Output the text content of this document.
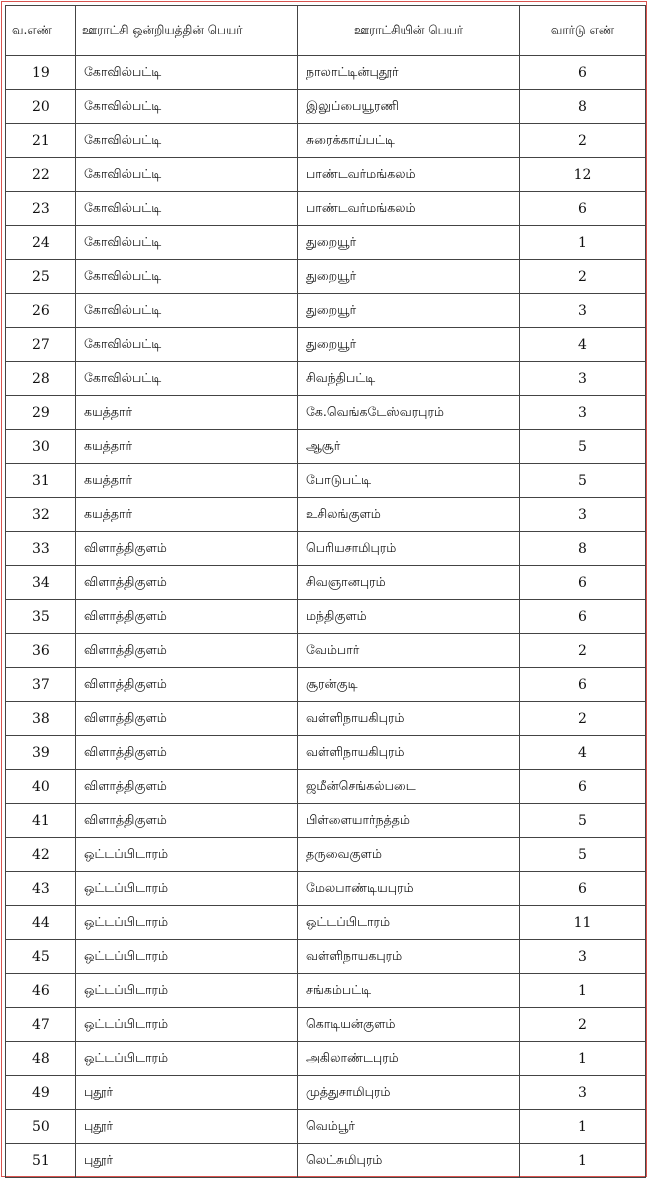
வ.எண்	ஊராட்சி ஒன்றியத்தின் பெயர்	ஊராட்சியின் பெயர்	வார்டு எண்
19	கோவில்பட்டி	நாலாட்டின்புதூர்	6
20	கோவில்பட்டி	இலுப்பையூரணி	8
21	கோவில்பட்டி	சுரைக்காய்பட்டி	2
22	கோவில்பட்டி	பாண்டவர்மங்கலம்	12
23	கோவில்பட்டி	பாண்டவர்மங்கலம்	6
24	கோவில்பட்டி	துறையூர்	1
25	கோவில்பட்டி	துறையூர்	2
26	கோவில்பட்டி	துறையூர்	3
27	கோவில்பட்டி	துறையூர்	4
28	கோவில்பட்டி	சிவந்திபட்டி	3
29	கயத்தார்	கே.வெங்கடேஸ்வரபுரம்	3
30	கயத்தார்	ஆசூர்	5
31	கயத்தார்	போடுபட்டி	5
32	கயத்தார்	உசிலங்குளம்	3
33	விளாத்திகுளம்	பெரியசாமிபுரம்	8
34	விளாத்திகுளம்	சிவஞானபுரம்	6
35	விளாத்திகுளம்	மந்திகுளம்	6
36	விளாத்திகுளம்	வேம்பார்	2
37	விளாத்திகுளம்	சூரன்குடி	6
38	விளாத்திகுளம்	வள்ளிநாயகிபுரம்	2
39	விளாத்திகுளம்	வள்ளிநாயகிபுரம்	4
40	விளாத்திகுளம்	ஜமீன்செங்கல்படை	6
41	விளாத்திகுளம்	பிள்ளையார்நத்தம்	5
42	ஒட்டப்பிடாரம்	தருவைகுளம்	5
43	ஒட்டப்பிடாரம்	மேலபாண்டியபுரம்	6
44	ஒட்டப்பிடாரம்	ஒட்டப்பிடாரம்	11
45	ஒட்டப்பிடாரம்	வள்ளிநாயகபுரம்	3
46	ஒட்டப்பிடாரம்	சங்கம்பட்டி	1
47	ஒட்டப்பிடாரம்	கொடியன்குளம்	2
48	ஒட்டப்பிடாரம்	அகிலாண்டபுரம்	1
49	புதூர்	முத்துசாமிபுரம்	3
50	புதூர்	வெம்பூர்	1
51	புதூர்	லெட்சுமிபுரம்	1
